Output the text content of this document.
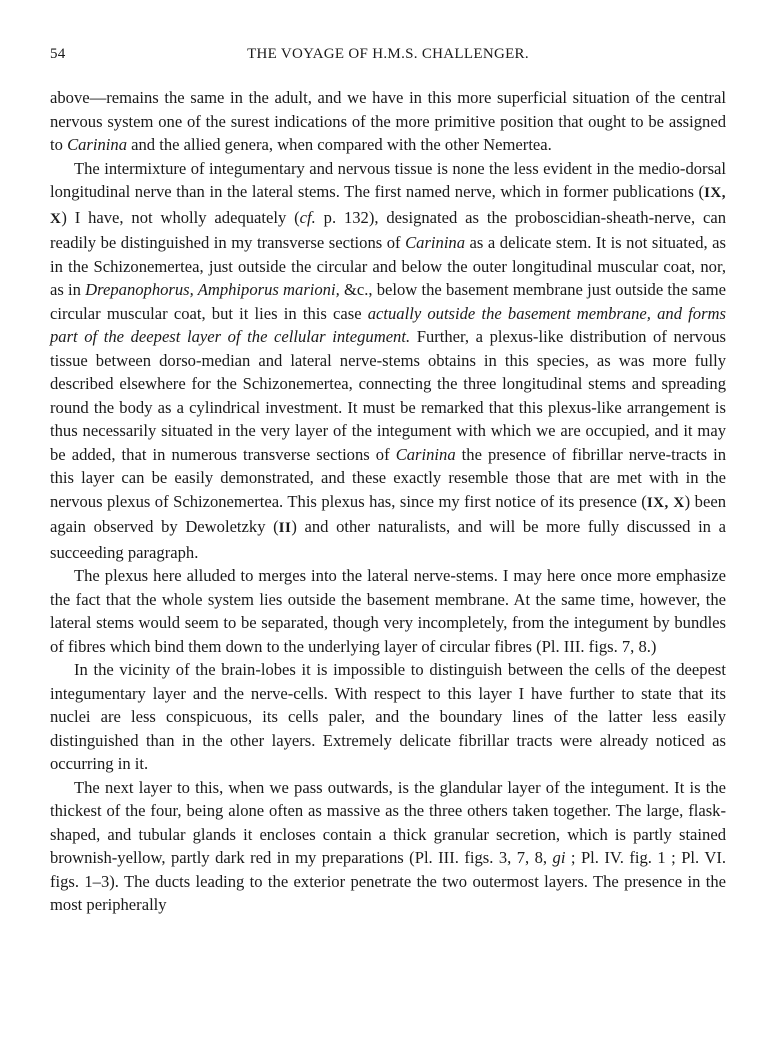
54	THE VOYAGE OF H.M.S. CHALLENGER.

above—remains the same in the adult, and we have in this more superficial situation of the central nervous system one of the surest indications of the more primitive position that ought to be assigned to Carinina and the allied genera, when compared with the other Nemertea.

The intermixture of integumentary and nervous tissue is none the less evident in the medio-dorsal longitudinal nerve than in the lateral stems. The first named nerve, which in former publications (IX, X) I have, not wholly adequately (cf. p. 132), designated as the proboscidian-sheath-nerve, can readily be distinguished in my transverse sections of Carinina as a delicate stem. It is not situated, as in the Schizonemertea, just outside the circular and below the outer longitudinal muscular coat, nor, as in Drepanophorus, Amphiporus marioni, &c., below the basement membrane just outside the same circular muscular coat, but it lies in this case actually outside the basement membrane, and forms part of the deepest layer of the cellular integument. Further, a plexus-like distribution of nervous tissue between dorso-median and lateral nerve-stems obtains in this species, as was more fully described elsewhere for the Schizonemertea, connecting the three longitudinal stems and spreading round the body as a cylindrical investment. It must be remarked that this plexus-like arrangement is thus necessarily situated in the very layer of the integument with which we are occupied, and it may be added, that in numerous transverse sections of Carinina the presence of fibrillar nerve-tracts in this layer can be easily demonstrated, and these exactly resemble those that are met with in the nervous plexus of Schizonemertea. This plexus has, since my first notice of its presence (IX, X) been again observed by Dewoletzky (II) and other naturalists, and will be more fully discussed in a succeeding paragraph.

The plexus here alluded to merges into the lateral nerve-stems. I may here once more emphasize the fact that the whole system lies outside the basement membrane. At the same time, however, the lateral stems would seem to be separated, though very incompletely, from the integument by bundles of fibres which bind them down to the underlying layer of circular fibres (Pl. III. figs. 7, 8.)

In the vicinity of the brain-lobes it is impossible to distinguish between the cells of the deepest integumentary layer and the nerve-cells. With respect to this layer I have further to state that its nuclei are less conspicuous, its cells paler, and the boundary lines of the latter less easily distinguished than in the other layers. Extremely delicate fibrillar tracts were already noticed as occurring in it.

The next layer to this, when we pass outwards, is the glandular layer of the integument. It is the thickest of the four, being alone often as massive as the three others taken together. The large, flask-shaped, and tubular glands it encloses contain a thick granular secretion, which is partly stained brownish-yellow, partly dark red in my preparations (Pl. III. figs. 3, 7, 8, gi ; Pl. IV. fig. 1 ; Pl. VI. figs. 1–3). The ducts leading to the exterior penetrate the two outermost layers. The presence in the most peripherally
